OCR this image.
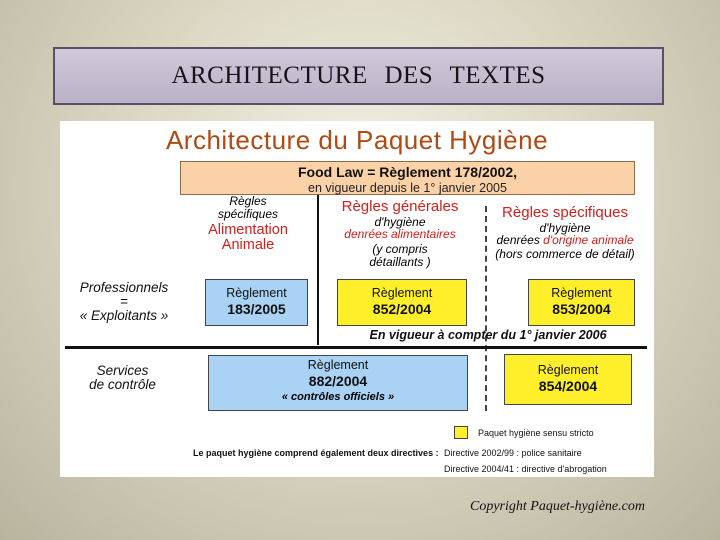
ARCHITECTURE DES TEXTES
Architecture du Paquet Hygiène
Food Law = Règlement 178/2002,
en vigueur depuis le 1° janvier 2005
Règles
spécifiques
Alimentation
Animale
Règles générales
d'hygiène
denrées alimentaires
(y compris
détaillants )
Règles spécifiques
d'hygiène
denrées d'origine animale
(hors commerce de détail)
Professionnels
=
« Exploitants »
Services
de contrôle
Règlement
183/2005
Règlement
852/2004
Règlement
853/2004
En vigueur à compter du 1° janvier 2006
Règlement
882/2004
« contrôles officiels »
Règlement
854/2004
Paquet hygiène sensu stricto
Le paquet hygiène comprend également deux directives : Directive 2002/99 : police sanitaire
Directive 2004/41 : directive d'abrogation
Copyright Paquet-hygiène.com
